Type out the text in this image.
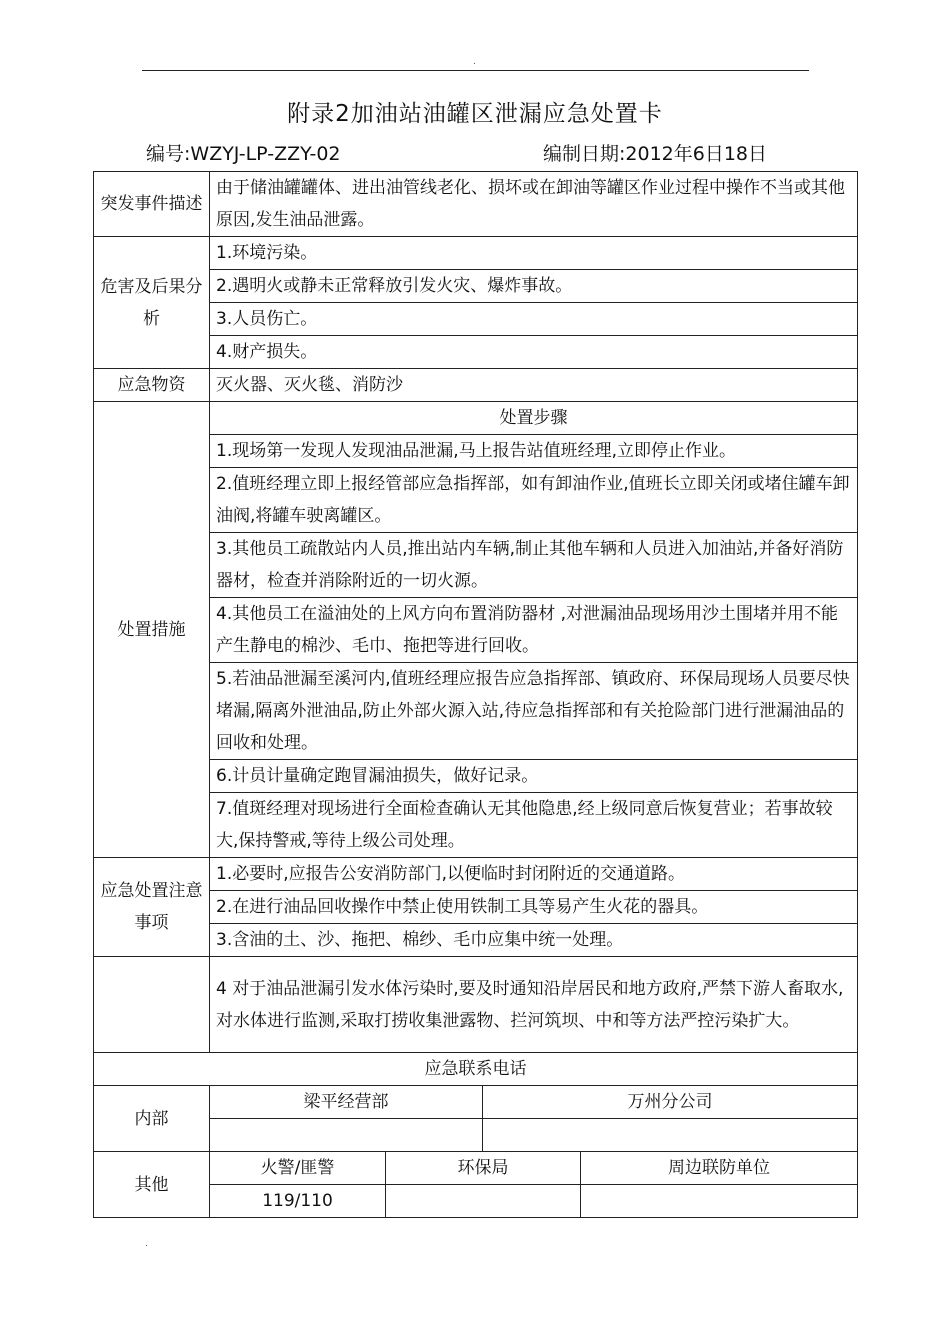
.
附录2加油站油罐区泄漏应急处置卡
编号:WZYJ-LP-ZZY-02	编制日期:2012年6日18日
突发事件描述	由于储油罐罐体、进出油管线老化、损坏或在卸油等罐区作业过程中操作不当或其他原因,发生油品泄露。			
危害及后果分析	1.环境污染。			
	2.遇明火或静未正常释放引发火灾、爆炸事故。			
	3.人员伤亡。			
	4.财产损失。			
应急物资	灭火器、灭火毯、消防沙			
处置措施	处置步骤			
	1.现场第一发现人发现油品泄漏,马上报告站值班经理,立即停止作业。			
	2.值班经理立即上报经管部应急指挥部，如有卸油作业,值班长立即关闭或堵住罐车卸油阀,将罐车驶离罐区。			
	3.其他员工疏散站内人员,推出站内车辆,制止其他车辆和人员进入加油站,并备好消防器材，检查并消除附近的一切火源。			
	4.其他员工在溢油处的上风方向布置消防器材 ,对泄漏油品现场用沙土围堵并用不能产生静电的棉沙、毛巾、拖把等进行回收。			
	5.若油品泄漏至溪河内,值班经理应报告应急指挥部、镇政府、环保局现场人员要尽快堵漏,隔离外泄油品,防止外部火源入站,待应急指挥部和有关抢险部门进行泄漏油品的回收和处理。			
	6.计员计量确定跑冒漏油损失，做好记录。			
	7.值斑经理对现场进行全面检查确认无其他隐患,经上级同意后恢复营业；若事故较大,保持警戒,等待上级公司处理。			
应急处置注意事项	1.必要时,应报告公安消防部门,以便临时封闭附近的交通道路。			
	2.在进行油品回收操作中禁止使用铁制工具等易产生火花的器具。			
	3.含油的土、沙、拖把、棉纱、毛巾应集中统一处理。			
	4 对于油品泄漏引发水体污染时,要及时通知沿岸居民和地方政府,严禁下游人畜取水,对水体进行监测,采取打捞收集泄露物、拦河筑坝、中和等方法严控污染扩大。			
应急联系电话				
内部	梁平经营部		万州分公司	

其他	火警/匪警	环保局		周边联防单位
	119/110			
.
